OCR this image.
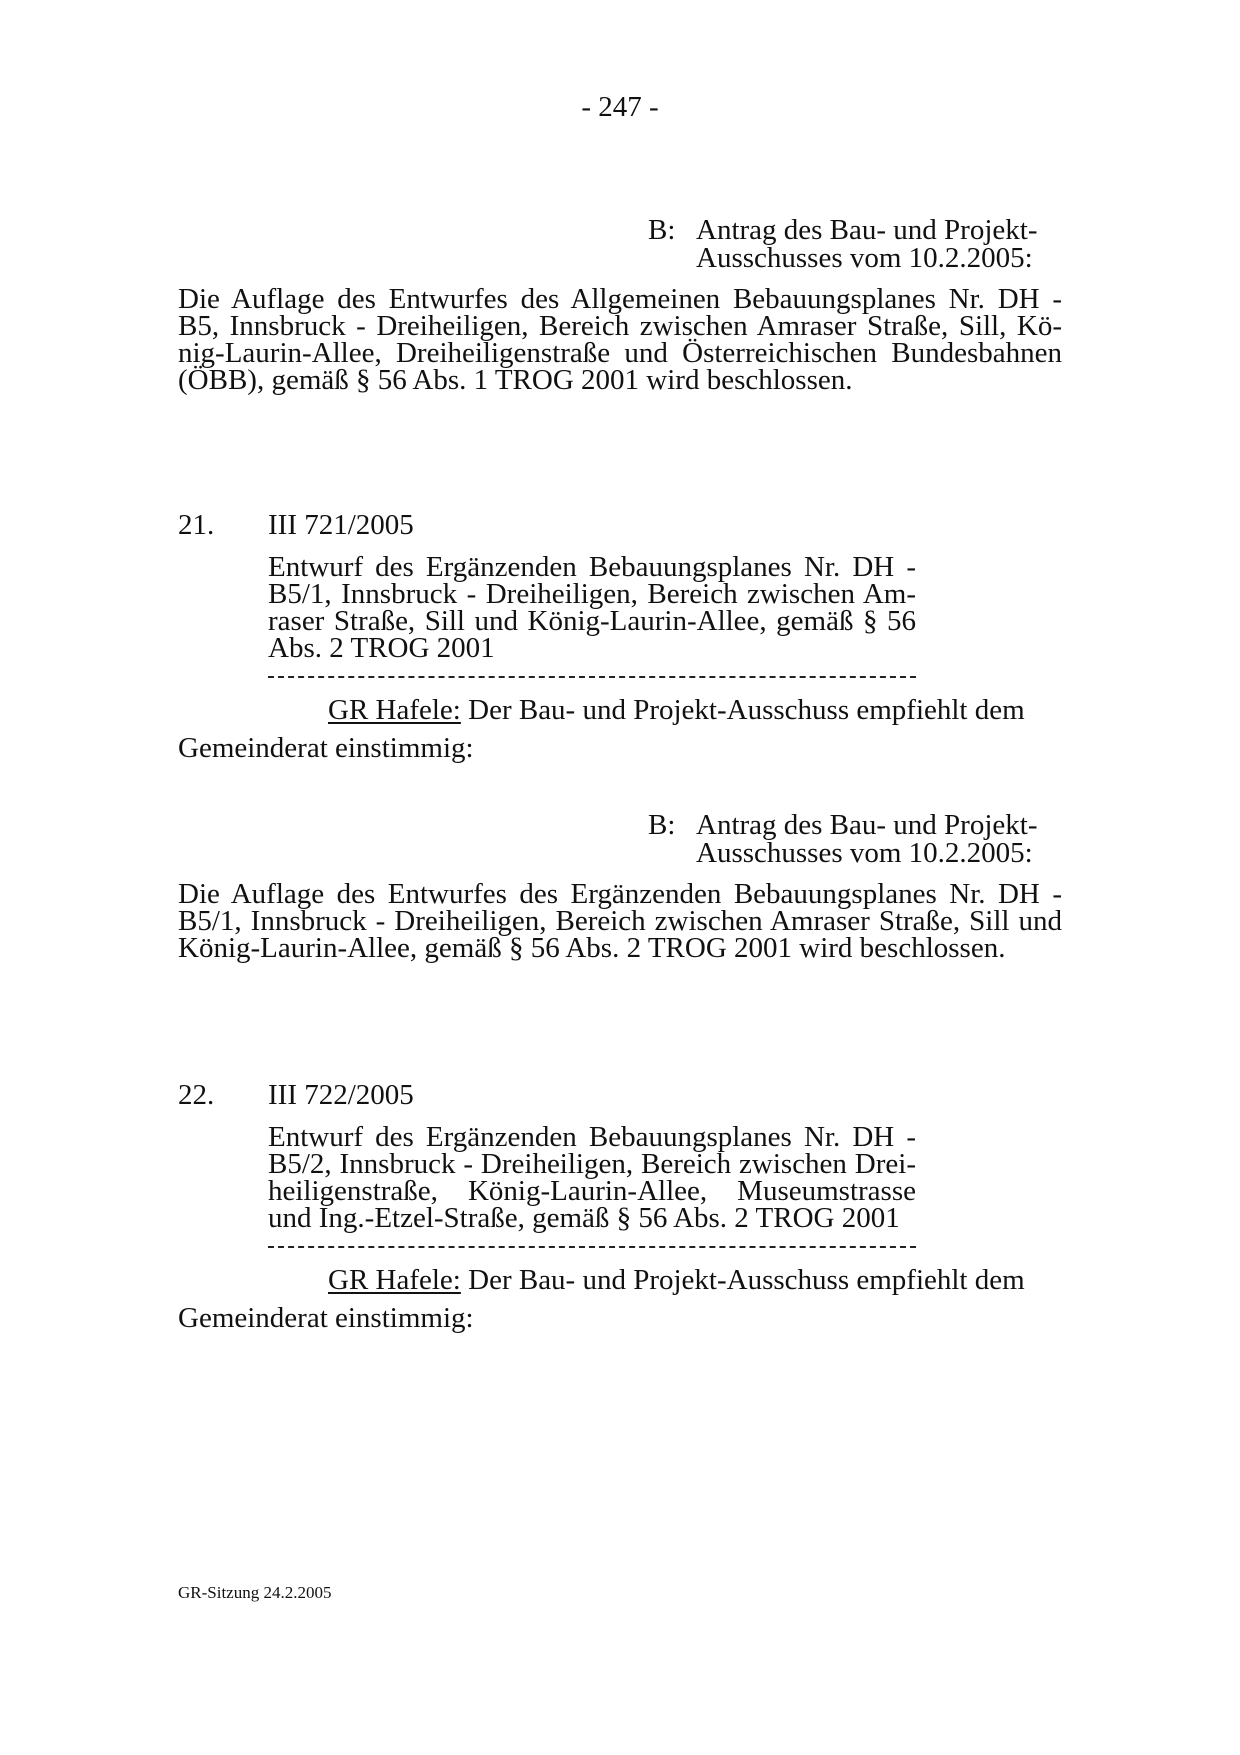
- 247 -
B: Antrag des Bau- und Projekt-
Ausschusses vom 10.2.2005:
Die Auflage des Entwurfes des Allgemeinen Bebauungsplanes Nr. DH -
B5, Innsbruck - Dreiheiligen, Bereich zwischen Amraser Straße, Sill, Kö-
nig-Laurin-Allee, Dreiheiligenstraße und Österreichischen Bundesbahnen
(ÖBB), gemäß § 56 Abs. 1 TROG 2001 wird beschlossen.
21. III 721/2005
Entwurf des Ergänzenden Bebauungsplanes Nr. DH -
B5/1, Innsbruck - Dreiheiligen, Bereich zwischen Am-
raser Straße, Sill und König-Laurin-Allee, gemäß § 56
Abs. 2 TROG 2001
GR Hafele: Der Bau- und Projekt-Ausschuss empfiehlt dem
Gemeinderat einstimmig:
B: Antrag des Bau- und Projekt-
Ausschusses vom 10.2.2005:
Die Auflage des Entwurfes des Ergänzenden Bebauungsplanes Nr. DH -
B5/1, Innsbruck - Dreiheiligen, Bereich zwischen Amraser Straße, Sill und
König-Laurin-Allee, gemäß § 56 Abs. 2 TROG 2001 wird beschlossen.
22. III 722/2005
Entwurf des Ergänzenden Bebauungsplanes Nr. DH -
B5/2, Innsbruck - Dreiheiligen, Bereich zwischen Drei-
heiligenstraße, König-Laurin-Allee, Museumstrasse
und Ing.-Etzel-Straße, gemäß § 56 Abs. 2 TROG 2001
GR Hafele: Der Bau- und Projekt-Ausschuss empfiehlt dem
Gemeinderat einstimmig:
GR-Sitzung 24.2.2005
